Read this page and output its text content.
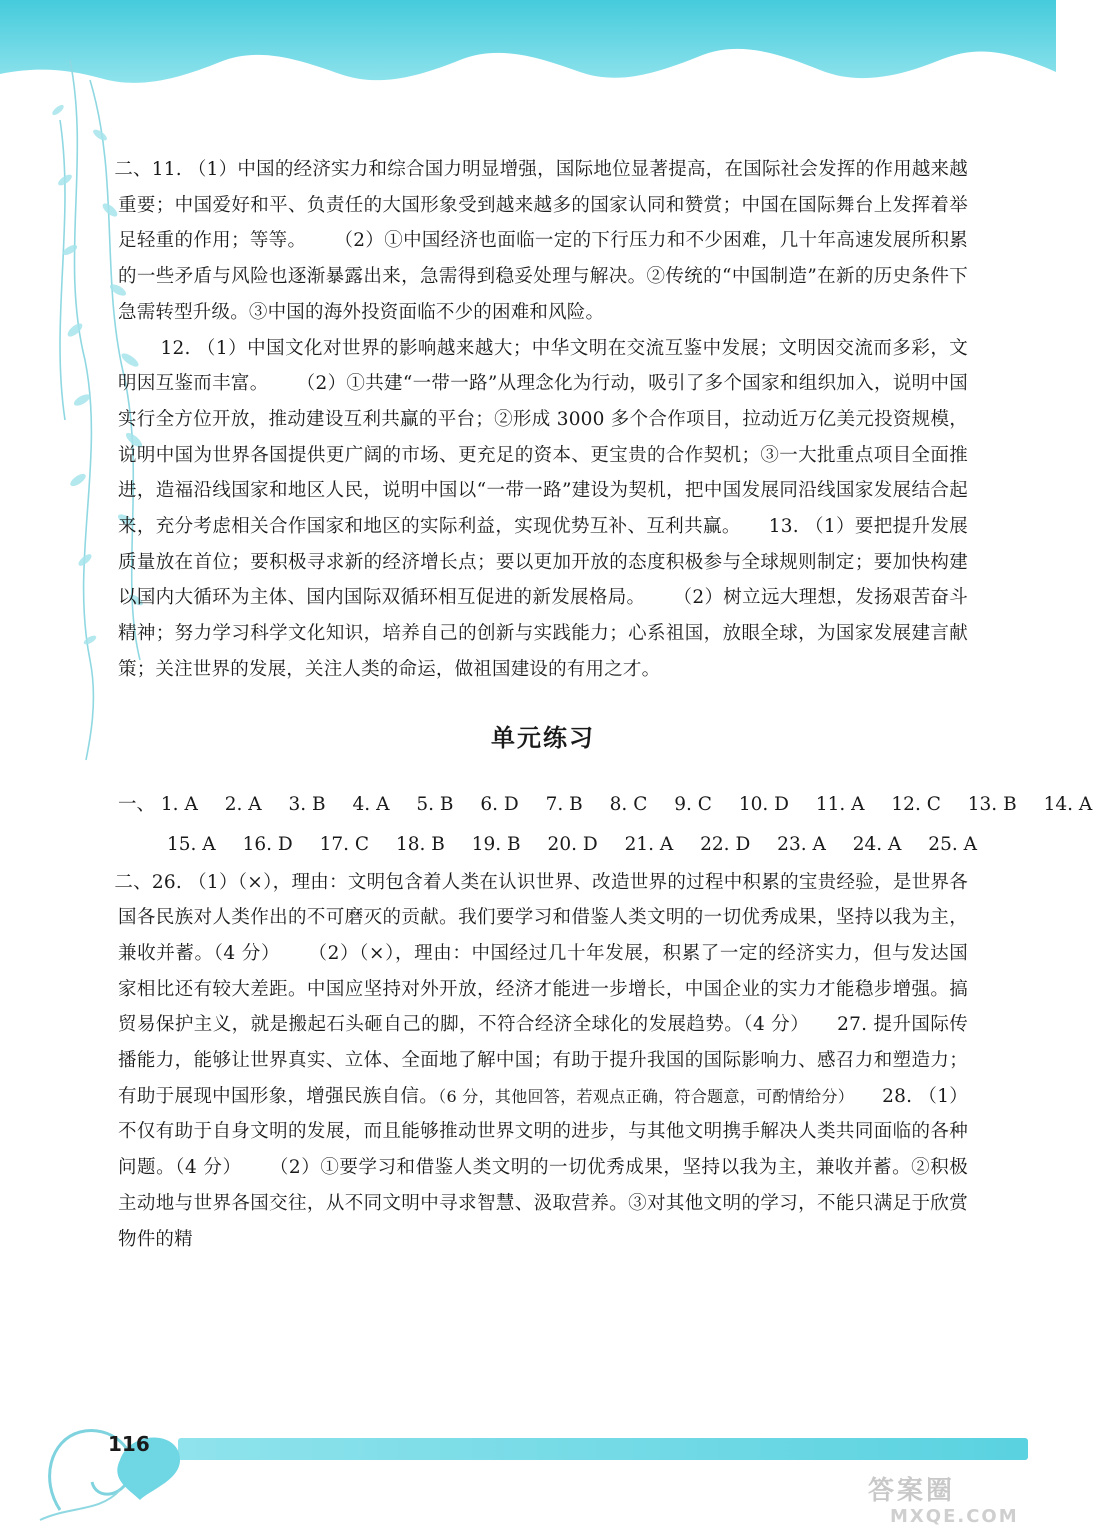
二、11. （1）中国的经济实力和综合国力明显增强，国际地位显著提高，在国际社会发挥的作用越来越重要；中国爱好和平、负责任的大国形象受到越来越多的国家认同和赞赏；中国在国际舞台上发挥着举足轻重的作用；等等。 （2）①中国经济也面临一定的下行压力和不少困难，几十年高速发展所积累的一些矛盾与风险也逐渐暴露出来，急需得到稳妥处理与解决。②传统的“中国制造”在新的历史条件下急需转型升级。③中国的海外投资面临不少的困难和风险。

12. （1）中国文化对世界的影响越来越大；中华文明在交流互鉴中发展；文明因交流而多彩，文明因互鉴而丰富。 （2）①共建“一带一路”从理念化为行动，吸引了多个国家和组织加入，说明中国实行全方位开放，推动建设互利共赢的平台；②形成 3000 多个合作项目，拉动近万亿美元投资规模，说明中国为世界各国提供更广阔的市场、更充足的资本、更宝贵的合作契机；③一大批重点项目全面推进，造福沿线国家和地区人民，说明中国以“一带一路”建设为契机，把中国发展同沿线国家发展结合起来，充分考虑相关合作国家和地区的实际利益，实现优势互补、互利共赢。 13. （1）要把提升发展质量放在首位；要积极寻求新的经济增长点；要以更加开放的态度积极参与全球规则制定；要加快构建以国内大循环为主体、国内国际双循环相互促进的新发展格局。 （2）树立远大理想，发扬艰苦奋斗精神；努力学习科学文化知识，培养自己的创新与实践能力；心系祖国，放眼全球，为国家发展建言献策；关注世界的发展，关注人类的命运，做祖国建设的有用之才。

单元练习
一、 1. A 2. A 3. B 4. A 5. B 6. D 7. B 8. C 9. C 10. D 11. A 12. C 13. B 14. A
15. A 16. D 17. C 18. B 19. B 20. D 21. A 22. D 23. A 24. A 25. A

二、26. （1）（×），理由：文明包含着人类在认识世界、改造世界的过程中积累的宝贵经验，是世界各国各民族对人类作出的不可磨灭的贡献。我们要学习和借鉴人类文明的一切优秀成果，坚持以我为主，兼收并蓄。（4 分） （2）（×），理由：中国经过几十年发展，积累了一定的经济实力，但与发达国家相比还有较大差距。中国应坚持对外开放，经济才能进一步增长，中国企业的实力才能稳步增强。搞贸易保护主义，就是搬起石头砸自己的脚，不符合经济全球化的发展趋势。（4 分） 27. 提升国际传播能力，能够让世界真实、立体、全面地了解中国；有助于提升我国的国际影响力、感召力和塑造力；有助于展现中国形象，增强民族自信。（6 分，其他回答，若观点正确，符合题意，可酌情给分） 28. （1）不仅有助于自身文明的发展，而且能够推动世界文明的进步，与其他文明携手解决人类共同面临的各种问题。（4 分） （2）①要学习和借鉴人类文明的一切优秀成果，坚持以我为主，兼收并蓄。②积极主动地与世界各国交往，从不同文明中寻求智慧、汲取营养。③对其他文明的学习，不能只满足于欣赏物件的精

116
答案圈
MXQE.COM
